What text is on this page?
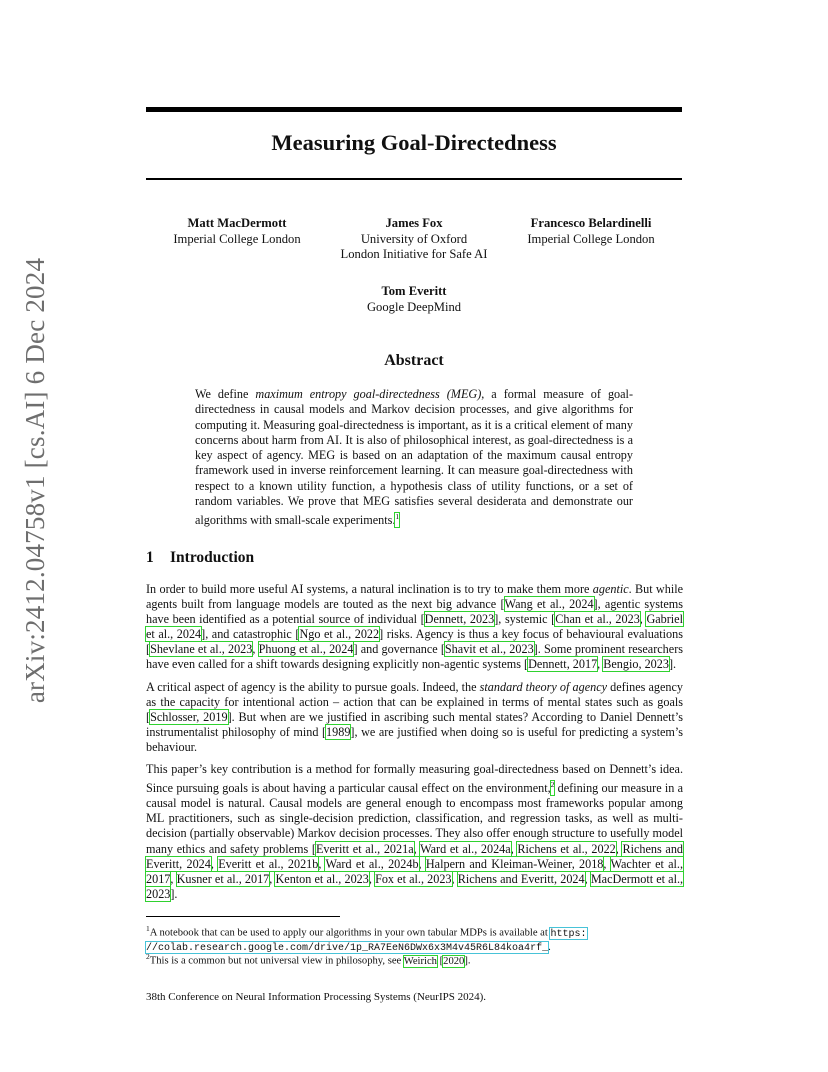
arXiv:2412.04758v1 [cs.AI] 6 Dec 2024
Measuring Goal-Directedness
Matt MacDermott
Imperial College London
James Fox
University of Oxford
London Initiative for Safe AI
Francesco Belardinelli
Imperial College London
Tom Everitt
Google DeepMind
Abstract

We define maximum entropy goal-directedness (MEG), a formal measure of goal-directedness in causal models and Markov decision processes, and give algorithms for computing it. Measuring goal-directedness is important, as it is a critical element of many concerns about harm from AI. It is also of philosophical interest, as goal-directedness is a key aspect of agency. MEG is based on an adaptation of the maximum causal entropy framework used in inverse reinforcement learning. It can measure goal-directedness with respect to a known utility function, a hypothesis class of utility functions, or a set of random variables. We prove that MEG satisfies several desiderata and demonstrate our algorithms with small-scale experiments.$^1$

1 Introduction

In order to build more useful AI systems, a natural inclination is to try to make them more agentic. But while agents built from language models are touted as the next big advance [Wang et al., 2024], agentic systems have been identified as a potential source of individual [Dennett, 2023], systemic [Chan et al., 2023, Gabriel et al., 2024], and catastrophic [Ngo et al., 2022] risks. Agency is thus a key focus of behavioural evaluations [Shevlane et al., 2023, Phuong et al., 2024] and governance [Shavit et al., 2023]. Some prominent researchers have even called for a shift towards designing explicitly non-agentic systems [Dennett, 2017, Bengio, 2023].

A critical aspect of agency is the ability to pursue goals. Indeed, the standard theory of agency defines agency as the capacity for intentional action – action that can be explained in terms of mental states such as goals [Schlosser, 2019]. But when are we justified in ascribing such mental states? According to Daniel Dennett’s instrumentalist philosophy of mind [1989], we are justified when doing so is useful for predicting a system’s behaviour.

This paper’s key contribution is a method for formally measuring goal-directedness based on Dennett’s idea. Since pursuing goals is about having a particular causal effect on the environment,$^2$ defining our measure in a causal model is natural. Causal models are general enough to encompass most frameworks popular among ML practitioners, such as single-decision prediction, classification, and regression tasks, as well as multi-decision (partially observable) Markov decision processes. They also offer enough structure to usefully model many ethics and safety problems [Everitt et al., 2021a, Ward et al., 2024a, Richens et al., 2022, Richens and Everitt, 2024, Everitt et al., 2021b, Ward et al., 2024b, Halpern and Kleiman-Weiner, 2018, Wachter et al., 2017, Kusner et al., 2017, Kenton et al., 2023, Fox et al., 2023, Richens and Everitt, 2024, MacDermott et al., 2023].

$^1$A notebook that can be used to apply our algorithms in your own tabular MDPs is available at https:
//colab.research.google.com/drive/1p_RA7EeN6DWx6x3M4v45R6L84koa4rf_.

$^2$This is a common but not universal view in philosophy, see Weirich [2020].

38th Conference on Neural Information Processing Systems (NeurIPS 2024).
